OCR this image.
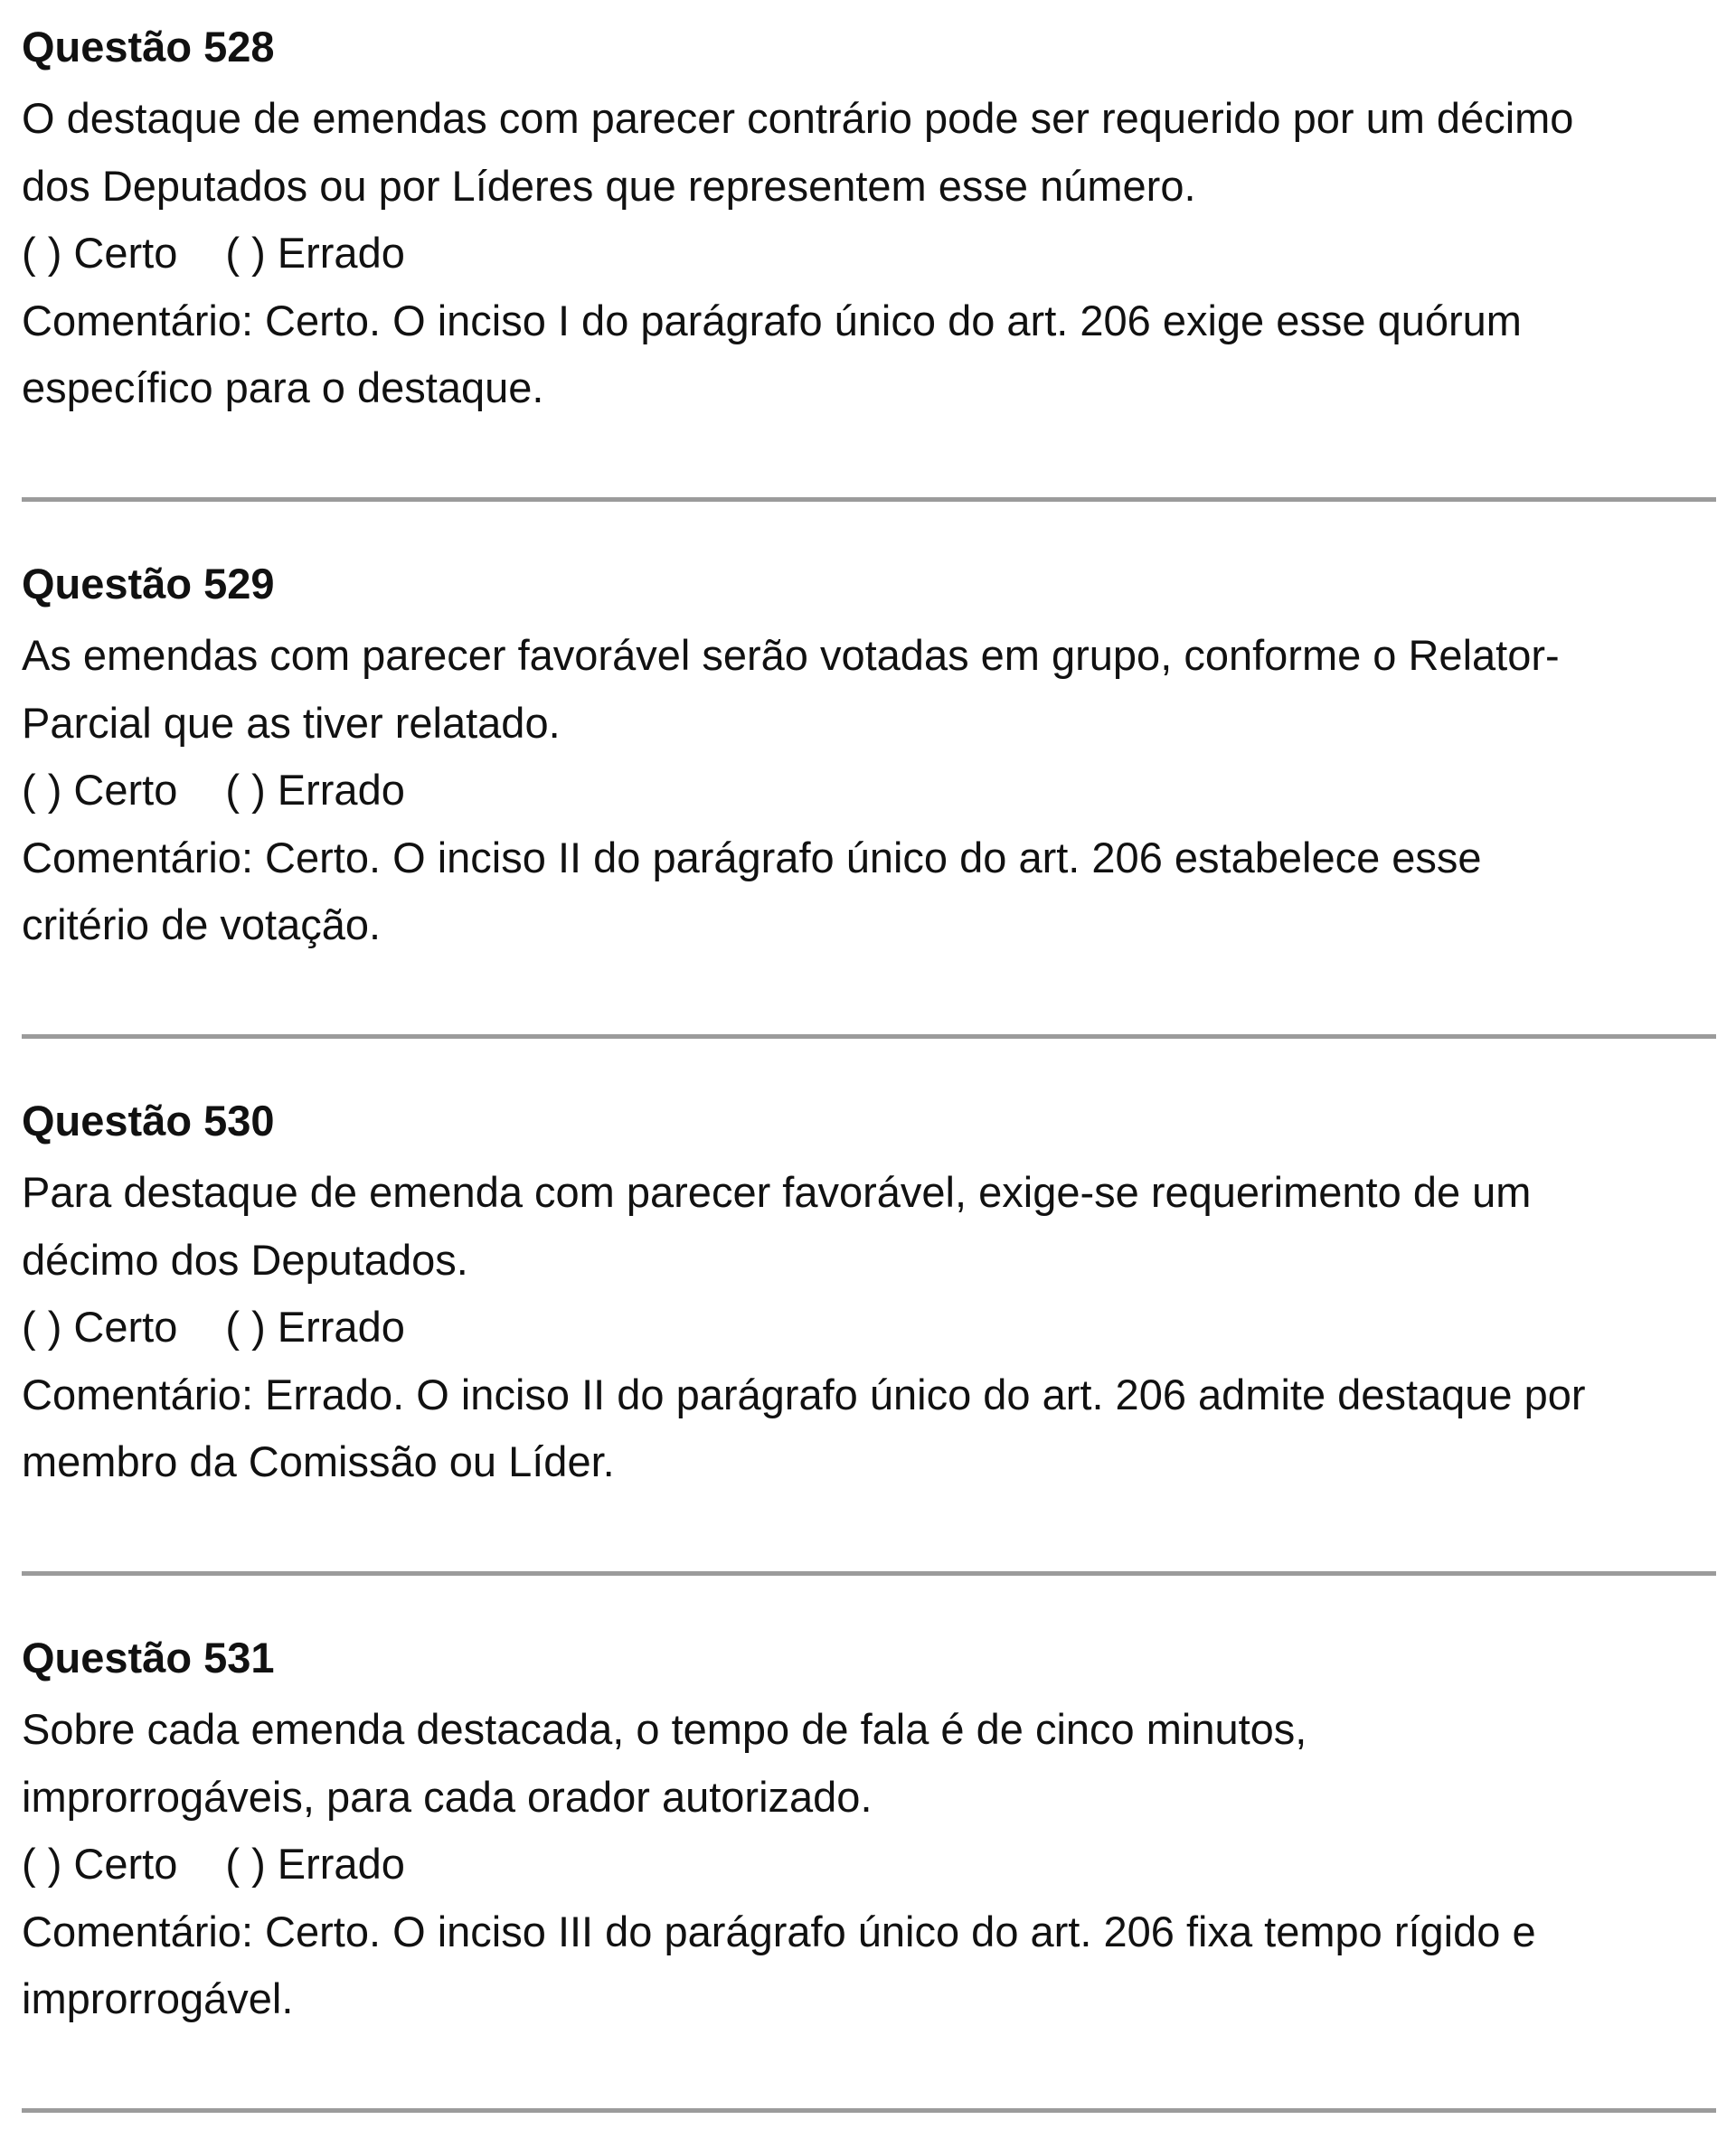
Questão 528

O destaque de emendas com parecer contrário pode ser requerido por um décimo

dos Deputados ou por Líderes que representem esse número.

( ) Certo ( ) Errado

Comentário: Certo. O inciso I do parágrafo único do art. 206 exige esse quórum

específico para o destaque.

Questão 529

As emendas com parecer favorável serão votadas em grupo, conforme o Relator-

Parcial que as tiver relatado.

( ) Certo ( ) Errado

Comentário: Certo. O inciso II do parágrafo único do art. 206 estabelece esse

critério de votação.

Questão 530

Para destaque de emenda com parecer favorável, exige-se requerimento de um

décimo dos Deputados.

( ) Certo ( ) Errado

Comentário: Errado. O inciso II do parágrafo único do art. 206 admite destaque por

membro da Comissão ou Líder.

Questão 531

Sobre cada emenda destacada, o tempo de fala é de cinco minutos,

improrrogáveis, para cada orador autorizado.

( ) Certo ( ) Errado

Comentário: Certo. O inciso III do parágrafo único do art. 206 fixa tempo rígido e

improrrogável.
